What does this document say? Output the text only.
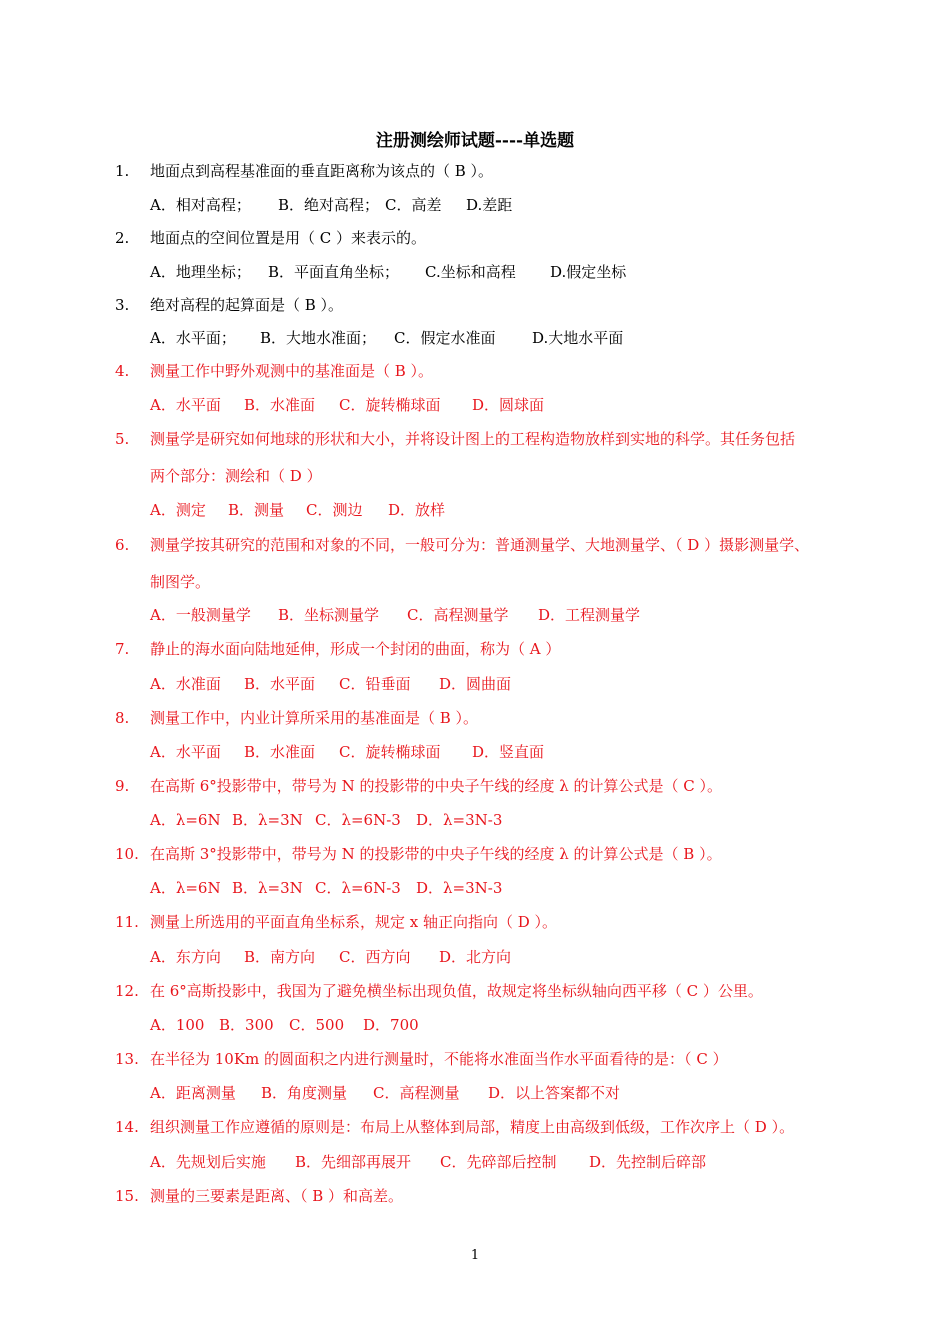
注册测绘师试题----单选题
1. 地面点到高程基准面的垂直距离称为该点的（ B ）。
A．相对高程； B．绝对高程； C．高差 D.差距
2. 地面点的空间位置是用（ C ）来表示的。
A．地理坐标； B．平面直角坐标； C.坐标和高程 D.假定坐标
3. 绝对高程的起算面是（ B ）。
A．水平面； B．大地水准面； C．假定水准面 D.大地水平面
4. 测量工作中野外观测中的基准面是（ B ）。
A．水平面 B．水准面 C．旋转椭球面 D．圆球面
5. 测量学是研究如何地球的形状和大小，并将设计图上的工程构造物放样到实地的科学。其任务包括
两个部分：测绘和（ D ）
A．测定 B．测量 C．测边 D．放样
6. 测量学按其研究的范围和对象的不同，一般可分为：普通测量学、大地测量学、（ D ）摄影测量学、
制图学。
A．一般测量学 B．坐标测量学 C．高程测量学 D．工程测量学
7. 静止的海水面向陆地延伸，形成一个封闭的曲面，称为（ A ）
A．水准面 B．水平面 C．铅垂面 D．圆曲面
8. 测量工作中，内业计算所采用的基准面是（ B ）。
A．水平面 B．水准面 C．旋转椭球面 D．竖直面
9. 在高斯 6°投影带中，带号为 N 的投影带的中央子午线的经度 λ 的计算公式是（ C ）。
A．λ=6N B．λ=3N C．λ=6N-3 D．λ=3N-3
10. 在高斯 3°投影带中，带号为 N 的投影带的中央子午线的经度 λ 的计算公式是（ B ）。
A．λ=6N B．λ=3N C．λ=6N-3 D．λ=3N-3
11. 测量上所选用的平面直角坐标系，规定 x 轴正向指向（ D ）。
A．东方向 B．南方向 C．西方向 D．北方向
12. 在 6°高斯投影中，我国为了避免横坐标出现负值，故规定将坐标纵轴向西平移（ C ）公里。
A．100 B．300 C．500 D．700
13. 在半径为 10Km 的圆面积之内进行测量时，不能将水准面当作水平面看待的是：（ C ）
A．距离测量 B．角度测量 C．高程测量 D．以上答案都不对
14. 组织测量工作应遵循的原则是：布局上从整体到局部，精度上由高级到低级，工作次序上（ D ）。
A．先规划后实施 B．先细部再展开 C．先碎部后控制 D．先控制后碎部
15. 测量的三要素是距离、（ B ）和高差。
1
